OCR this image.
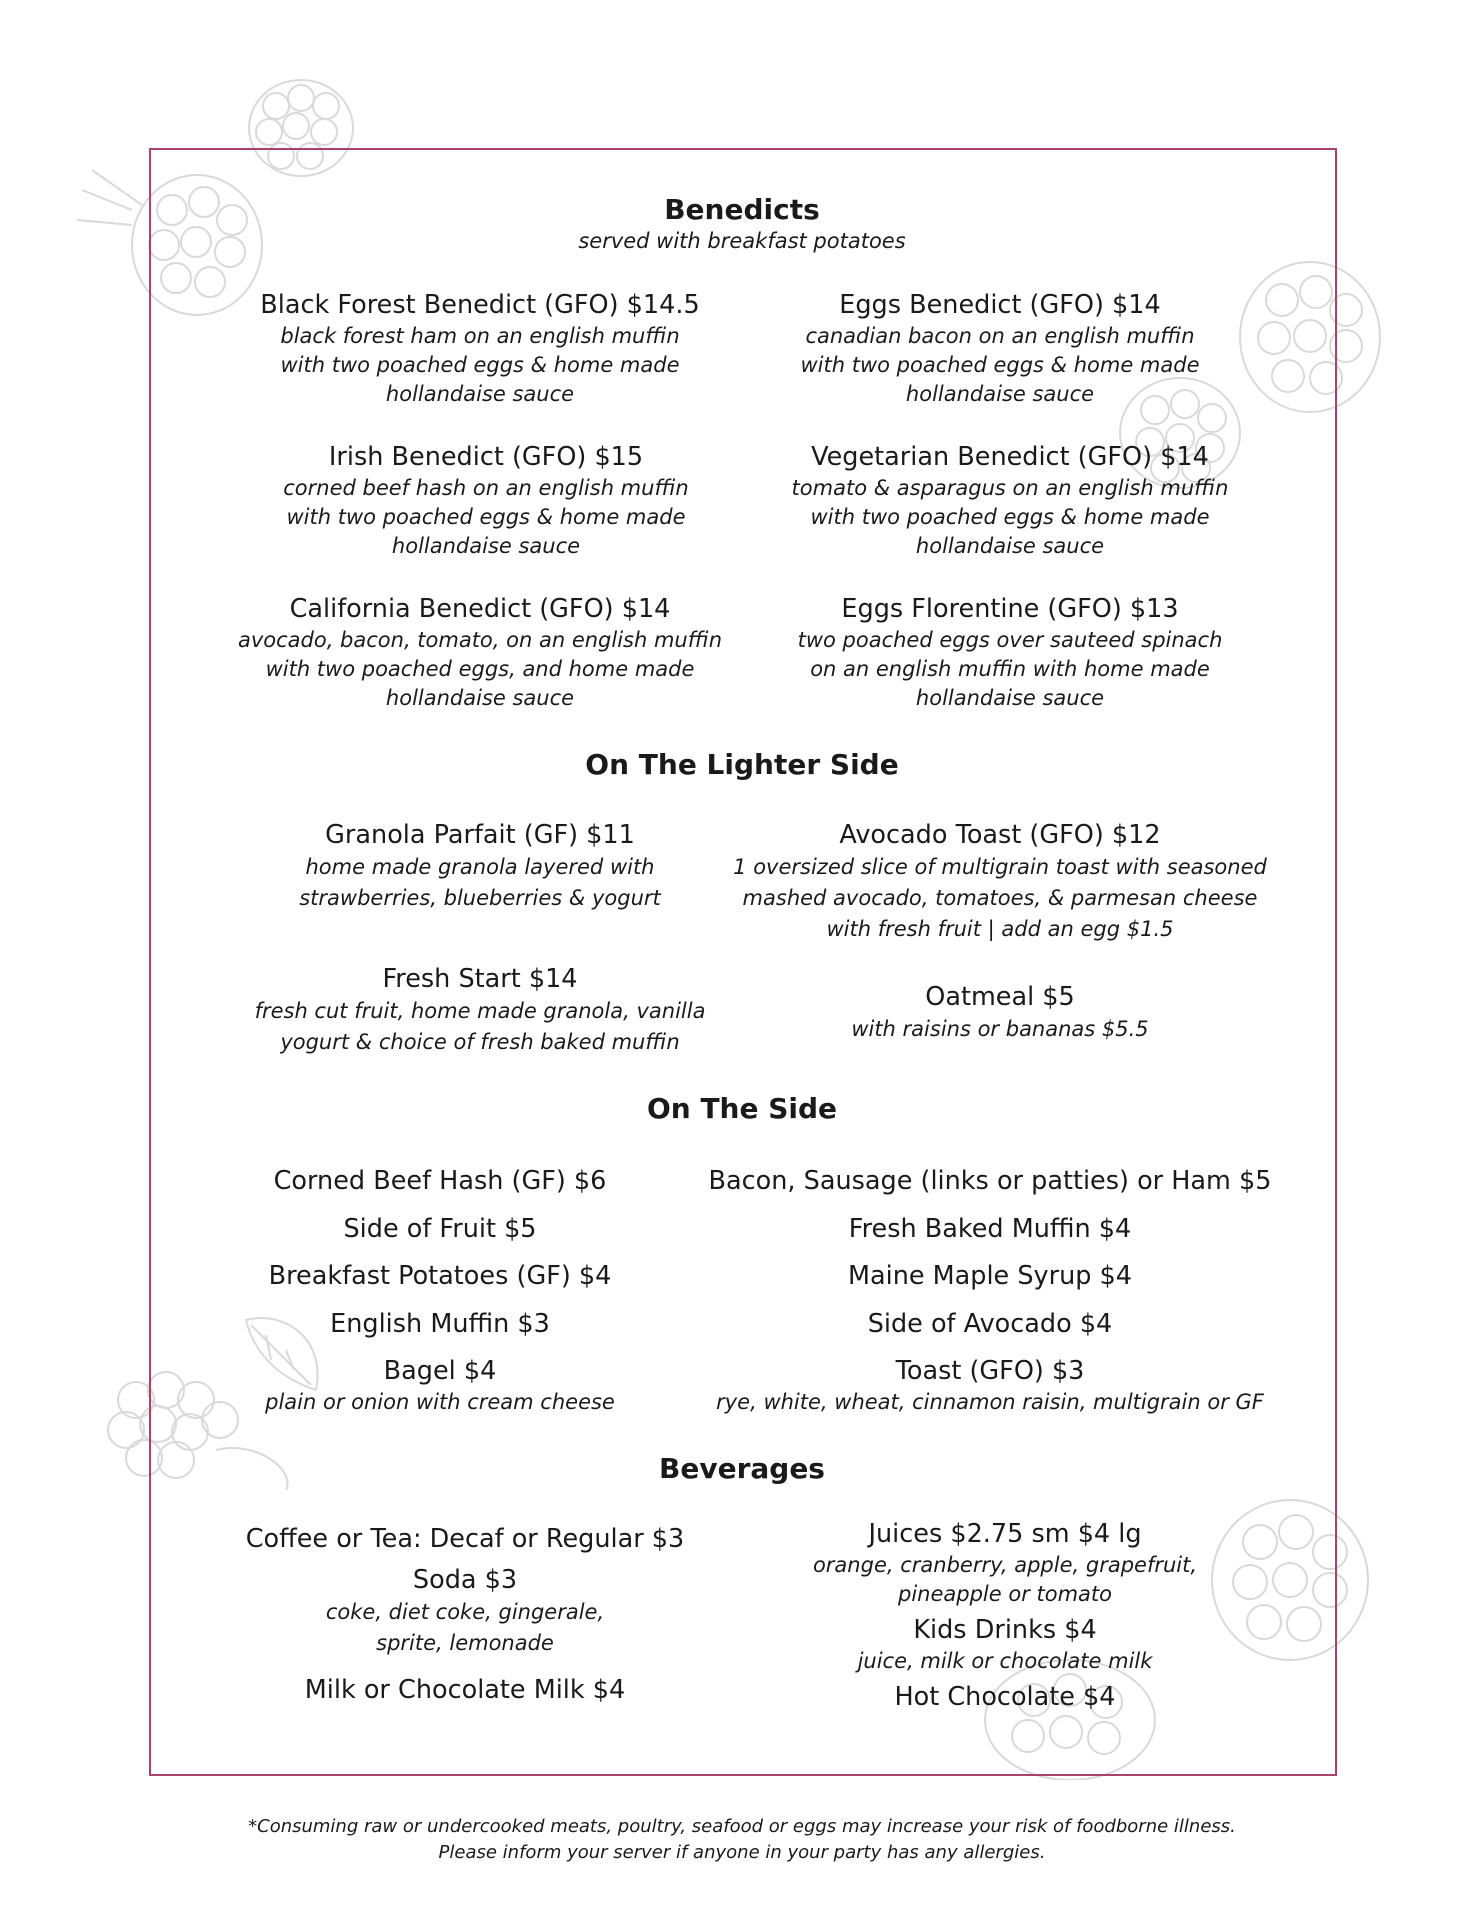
Benedicts
served with breakfast potatoes
Black Forest Benedict (GFO) $14.5
black forest ham on an english muffin
with two poached eggs & home made
hollandaise sauce
Eggs Benedict (GFO) $14
canadian bacon on an english muffin
with two poached eggs & home made
hollandaise sauce
Irish Benedict (GFO) $15
corned beef hash on an english muffin
with two poached eggs & home made
hollandaise sauce
Vegetarian Benedict (GFO) $14
tomato & asparagus on an english muffin
with two poached eggs & home made
hollandaise sauce
California Benedict (GFO) $14
avocado, bacon, tomato, on an english muffin
with two poached eggs, and home made
hollandaise sauce
Eggs Florentine (GFO) $13
two poached eggs over sauteed spinach
on an english muffin with home made
hollandaise sauce
On The Lighter Side
Granola Parfait (GF) $11
home made granola layered with
strawberries, blueberries & yogurt
Avocado Toast (GFO) $12
1 oversized slice of multigrain toast with seasoned
mashed avocado, tomatoes, & parmesan cheese
with fresh fruit | add an egg $1.5
Fresh Start $14
fresh cut fruit, home made granola, vanilla
yogurt & choice of fresh baked muffin
Oatmeal $5
with raisins or bananas $5.5
On The Side
Corned Beef Hash (GF) $6
Side of Fruit $5
Breakfast Potatoes (GF) $4
English Muffin $3
Bagel $4
plain or onion with cream cheese
Bacon, Sausage (links or patties) or Ham $5
Fresh Baked Muffin $4
Maine Maple Syrup $4
Side of Avocado $4
Toast (GFO) $3
rye, white, wheat, cinnamon raisin, multigrain or GF
Beverages
Coffee or Tea: Decaf or Regular $3
Soda $3
coke, diet coke, gingerale,
sprite, lemonade
Milk or Chocolate Milk $4
Juices $2.75 sm $4 lg
orange, cranberry, apple, grapefruit,
pineapple or tomato
Kids Drinks $4
juice, milk or chocolate milk
Hot Chocolate $4
*Consuming raw or undercooked meats, poultry, seafood or eggs may increase your risk of foodborne illness.
Please inform your server if anyone in your party has any allergies.
